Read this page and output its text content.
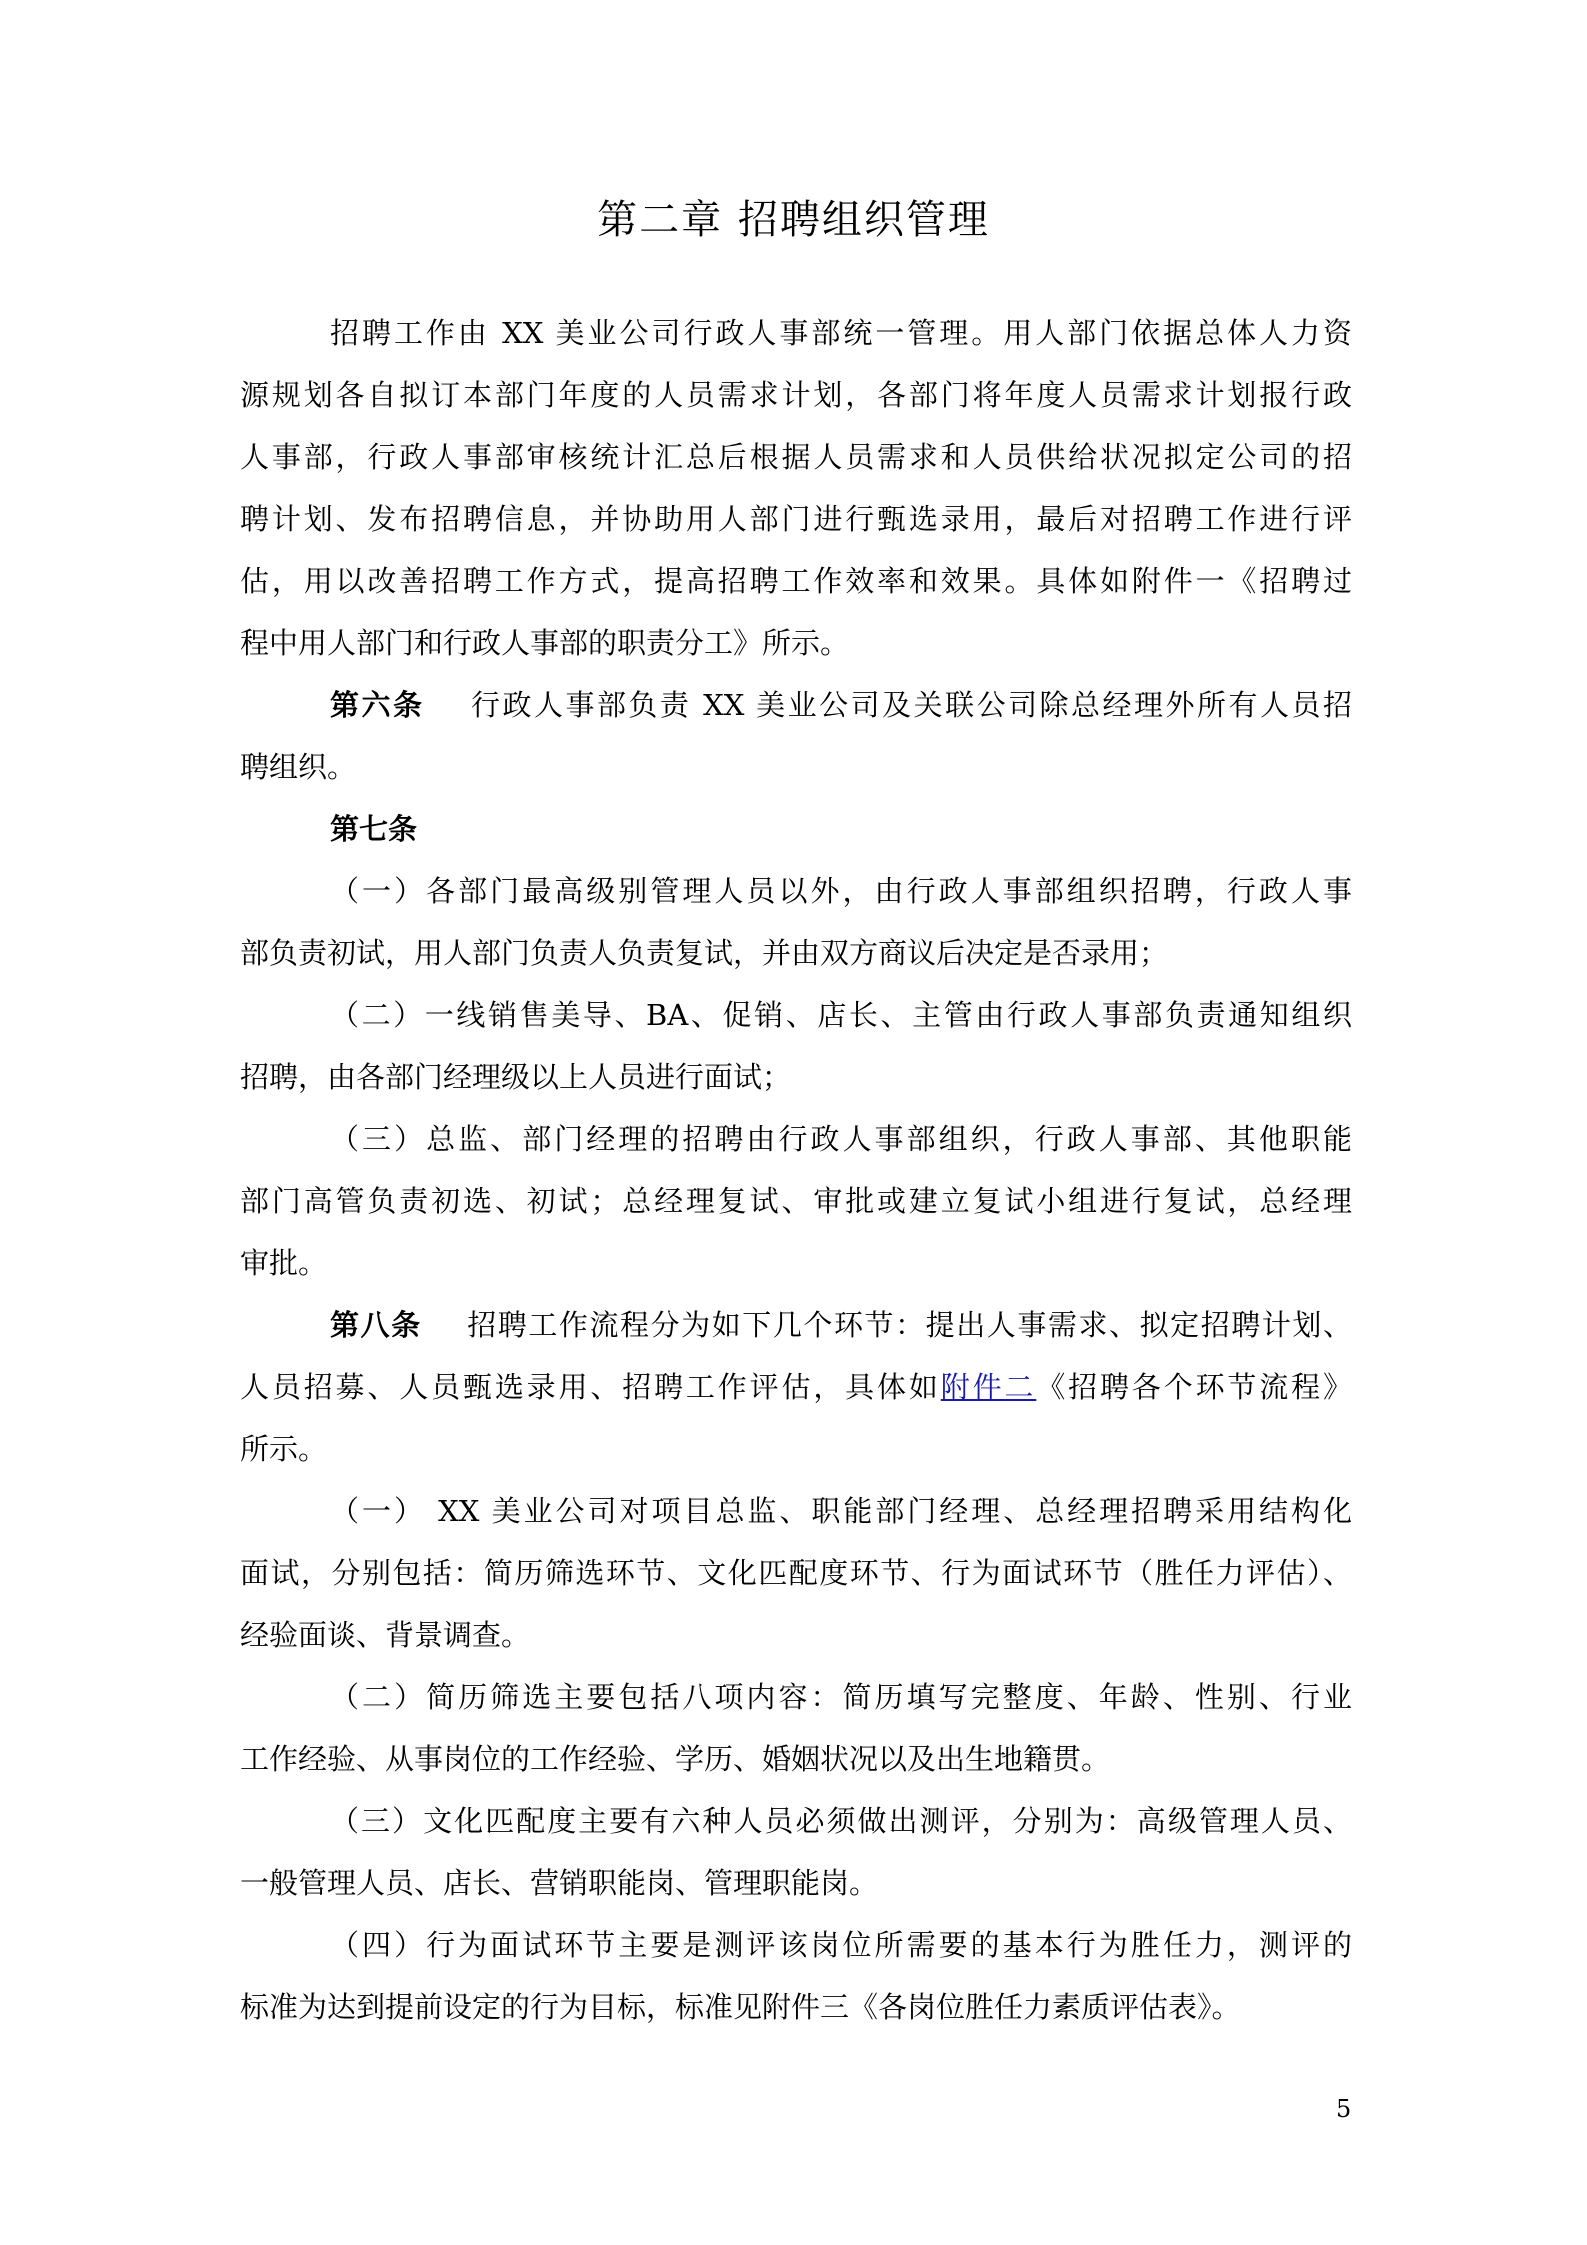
第二章 招聘组织管理
招聘工作由 XX 美业公司行政人事部统一管理。用人部门依据总体人力资
源规划各自拟订本部门年度的人员需求计划，各部门将年度人员需求计划报行政
人事部，行政人事部审核统计汇总后根据人员需求和人员供给状况拟定公司的招
聘计划、发布招聘信息，并协助用人部门进行甄选录用，最后对招聘工作进行评
估，用以改善招聘工作方式，提高招聘工作效率和效果。具体如附件一《招聘过
程中用人部门和行政人事部的职责分工》所示。
第六条 行政人事部负责 XX 美业公司及关联公司除总经理外所有人员招
聘组织。
第七条
（一）各部门最高级别管理人员以外，由行政人事部组织招聘，行政人事
部负责初试，用人部门负责人负责复试，并由双方商议后决定是否录用；
（二）一线销售美导、BA、促销、店长、主管由行政人事部负责通知组织
招聘，由各部门经理级以上人员进行面试；
（三）总监、部门经理的招聘由行政人事部组织，行政人事部、其他职能
部门高管负责初选、初试；总经理复试、审批或建立复试小组进行复试，总经理
审批。
第八条 招聘工作流程分为如下几个环节：提出人事需求、拟定招聘计划、
人员招募、人员甄选录用、招聘工作评估，具体如附件二《招聘各个环节流程》
所示。
（一） XX 美业公司对项目总监、职能部门经理、总经理招聘采用结构化
面试，分别包括：简历筛选环节、文化匹配度环节、行为面试环节（胜任力评估）、
经验面谈、背景调查。
（二）简历筛选主要包括八项内容：简历填写完整度、年龄、性别、行业
工作经验、从事岗位的工作经验、学历、婚姻状况以及出生地籍贯。
（三）文化匹配度主要有六种人员必须做出测评，分别为：高级管理人员、
一般管理人员、店长、营销职能岗、管理职能岗。
（四）行为面试环节主要是测评该岗位所需要的基本行为胜任力，测评的
标准为达到提前设定的行为目标，标准见附件三《各岗位胜任力素质评估表》。
5
